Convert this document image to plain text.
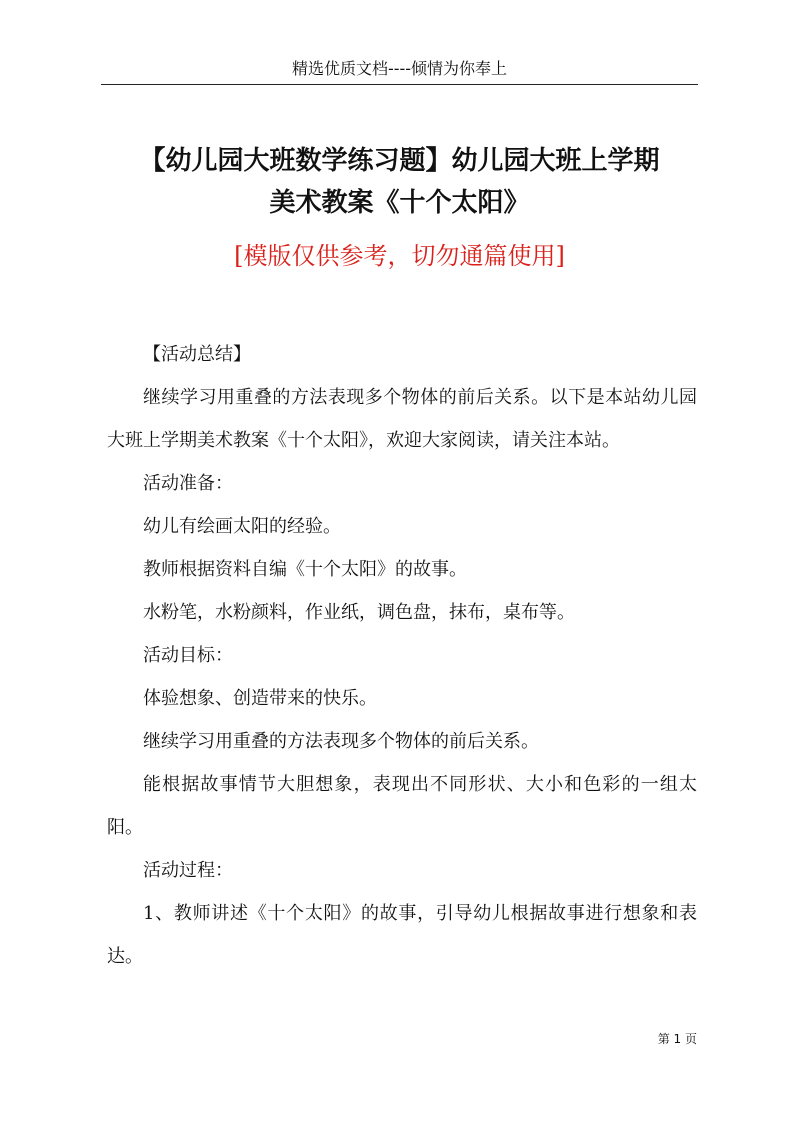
精选优质文档----倾情为你奉上
【幼儿园大班数学练习题】幼儿园大班上学期
美术教案《十个太阳》
[模版仅供参考，切勿通篇使用]

【活动总结】

继续学习用重叠的方法表现多个物体的前后关系。以下是本站幼儿园大班上学期美术教案《十个太阳》，欢迎大家阅读，请关注本站。

活动准备：

幼儿有绘画太阳的经验。

教师根据资料自编《十个太阳》的故事。

水粉笔，水粉颜料，作业纸，调色盘，抹布，桌布等。

活动目标：

体验想象、创造带来的快乐。

继续学习用重叠的方法表现多个物体的前后关系。

能根据故事情节大胆想象，表现出不同形状、大小和色彩的一组太阳。

活动过程：

1、教师讲述《十个太阳》的故事，引导幼儿根据故事进行想象和表达。

第 1 页
